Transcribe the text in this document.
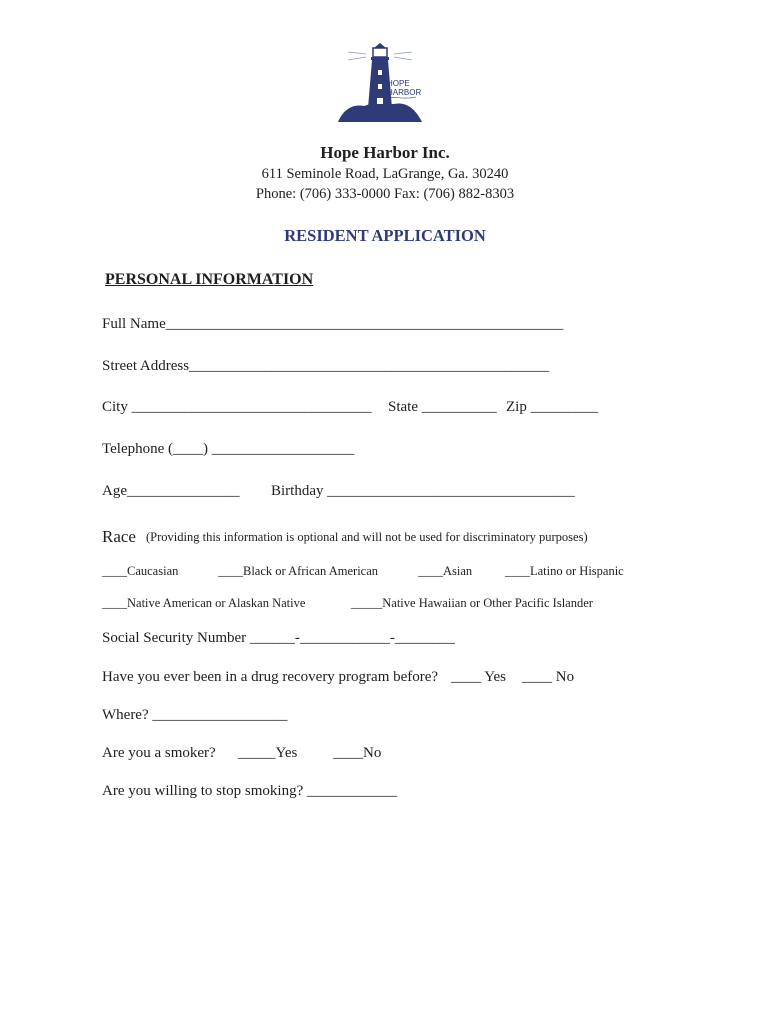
HOPE
HARBOR
Hope Harbor Inc.
611 Seminole Road, LaGrange, Ga. 30240
Phone: (706) 333-0000 Fax: (706) 882-8303
RESIDENT APPLICATION
PERSONAL INFORMATION
Full Name_____________________________________________________
Street Address________________________________________________
City ________________________________ State __________ Zip _________
Telephone (____) ___________________
Age_______________ Birthday _________________________________
Race (Providing this information is optional and will not be used for discriminatory purposes)
____Caucasian	____Black or African American	____Asian	____Latino or Hispanic
____Native American or Alaskan Native	_____Native Hawaiian or Other Pacific Islander
Social Security Number ______-____________-________
Have you ever been in a drug recovery program before? ____ Yes ____ No
Where? __________________
Are you a smoker? _____Yes ____No
Are you willing to stop smoking? ____________
